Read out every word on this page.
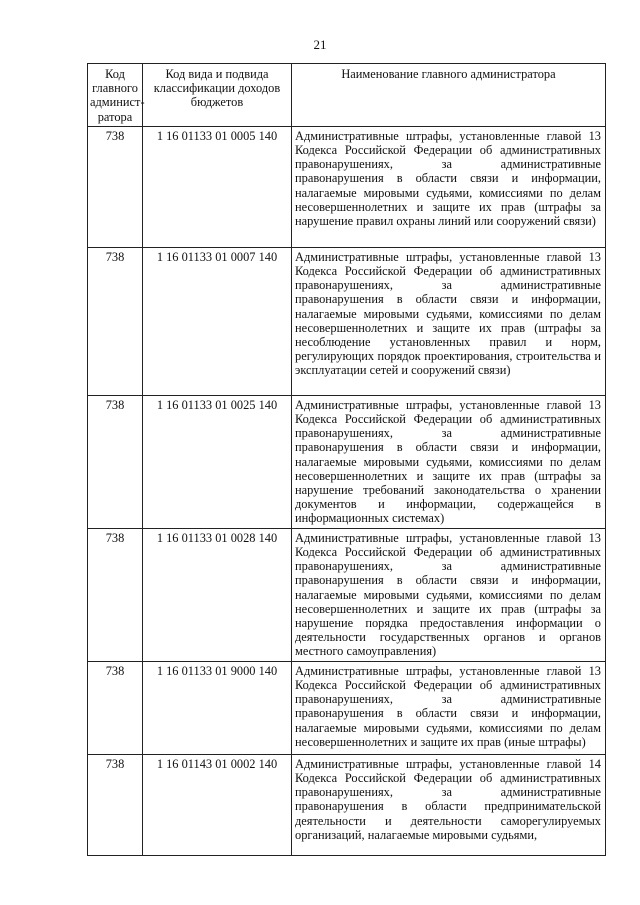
21
Код главного админист-ратора	Код вида и подвида классификации доходов бюджетов	Наименование главного администратора
738	1 16 01133 01 0005 140	Административные штрафы, установленные главой 13 Кодекса Российской Федерации об административных правонарушениях, за административные правонарушения в области связи и информации, налагаемые мировыми судьями, комиссиями по делам несовершеннолетних и защите их прав (штрафы за нарушение правил охраны линий или сооружений связи)
738	1 16 01133 01 0007 140	Административные штрафы, установленные главой 13 Кодекса Российской Федерации об административных правонарушениях, за административные правонарушения в области связи и информации, налагаемые мировыми судьями, комиссиями по делам несовершеннолетних и защите их прав (штрафы за несоблюдение установленных правил и норм, регулирующих порядок проектирования, строительства и эксплуатации сетей и сооружений связи)
738	1 16 01133 01 0025 140	Административные штрафы, установленные главой 13 Кодекса Российской Федерации об административных правонарушениях, за административные правонарушения в области связи и информации, налагаемые мировыми судьями, комиссиями по делам несовершеннолетних и защите их прав (штрафы за нарушение требований законодательства о хранении документов и информации, содержащейся в информационных системах)
738	1 16 01133 01 0028 140	Административные штрафы, установленные главой 13 Кодекса Российской Федерации об административных правонарушениях, за административные правонарушения в области связи и информации, налагаемые мировыми судьями, комиссиями по делам несовершеннолетних и защите их прав (штрафы за нарушение порядка предоставления информации о деятельности государственных органов и органов местного самоуправления)
738	1 16 01133 01 9000 140	Административные штрафы, установленные главой 13 Кодекса Российской Федерации об административных правонарушениях, за административные правонарушения в области связи и информации, налагаемые мировыми судьями, комиссиями по делам несовершеннолетних и защите их прав (иные штрафы)
738	1 16 01143 01 0002 140	Административные штрафы, установленные главой 14 Кодекса Российской Федерации об административных правонарушениях, за административные правонарушения в области предпринимательской деятельности и деятельности саморегулируемых организаций, налагаемые мировыми судьями,
